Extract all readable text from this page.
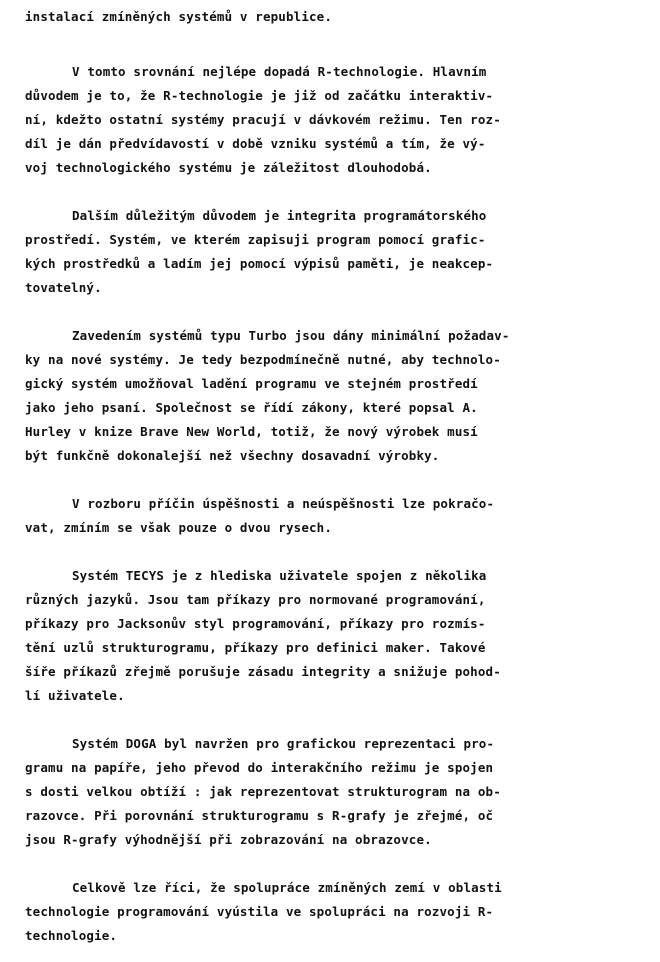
instalací zmíněných systémů v republice.
V tomto srovnání nejlépe dopadá R-technologie. Hlavním
důvodem je to, že R-technologie je již od začátku interaktiv-
ní, kdežto ostatní systémy pracují v dávkovém režimu. Ten roz-
díl je dán předvídavostí v době vzniku systémů a tím, že vý-
voj technologického systému je záležitost dlouhodobá.
Dalším důležitým důvodem je integrita programátorského
prostředí. Systém, ve kterém zapisuji program pomocí grafic-
kých prostředků a ladím jej pomocí výpisů paměti, je neakcep-
tovatelný.
Zavedením systémů typu Turbo jsou dány minimální požadav-
ky na nové systémy. Je tedy bezpodmínečně nutné, aby technolo-
gický systém umožňoval ladění programu ve stejném prostředí
jako jeho psaní. Společnost se řídí zákony, které popsal A.
Hurley v knize Brave New World, totiž, že nový výrobek musí
být funkčně dokonalejší než všechny dosavadní výrobky.
V rozboru příčin úspěšnosti a neúspěšnosti lze pokračo-
vat, zmíním se však pouze o dvou rysech.
Systém TECYS je z hlediska uživatele spojen z několika
různých jazyků. Jsou tam příkazy pro normované programování,
příkazy pro Jacksonův styl programování, příkazy pro rozmís-
tění uzlů strukturogramu, příkazy pro definici maker. Takové
šíře příkazů zřejmě porušuje zásadu integrity a snižuje pohod-
lí uživatele.
Systém DOGA byl navržen pro grafickou reprezentaci pro-
gramu na papíře, jeho převod do interakčního režimu je spojen
s dosti velkou obtíží : jak reprezentovat strukturogram na ob-
razovce. Při porovnání strukturogramu s R-grafy je zřejmé, oč
jsou R-grafy výhodnější při zobrazování na obrazovce.
Celkově lze říci, že spolupráce zmíněných zemí v oblasti
technologie programování vyústila ve spolupráci na rozvoji R-
technologie.
